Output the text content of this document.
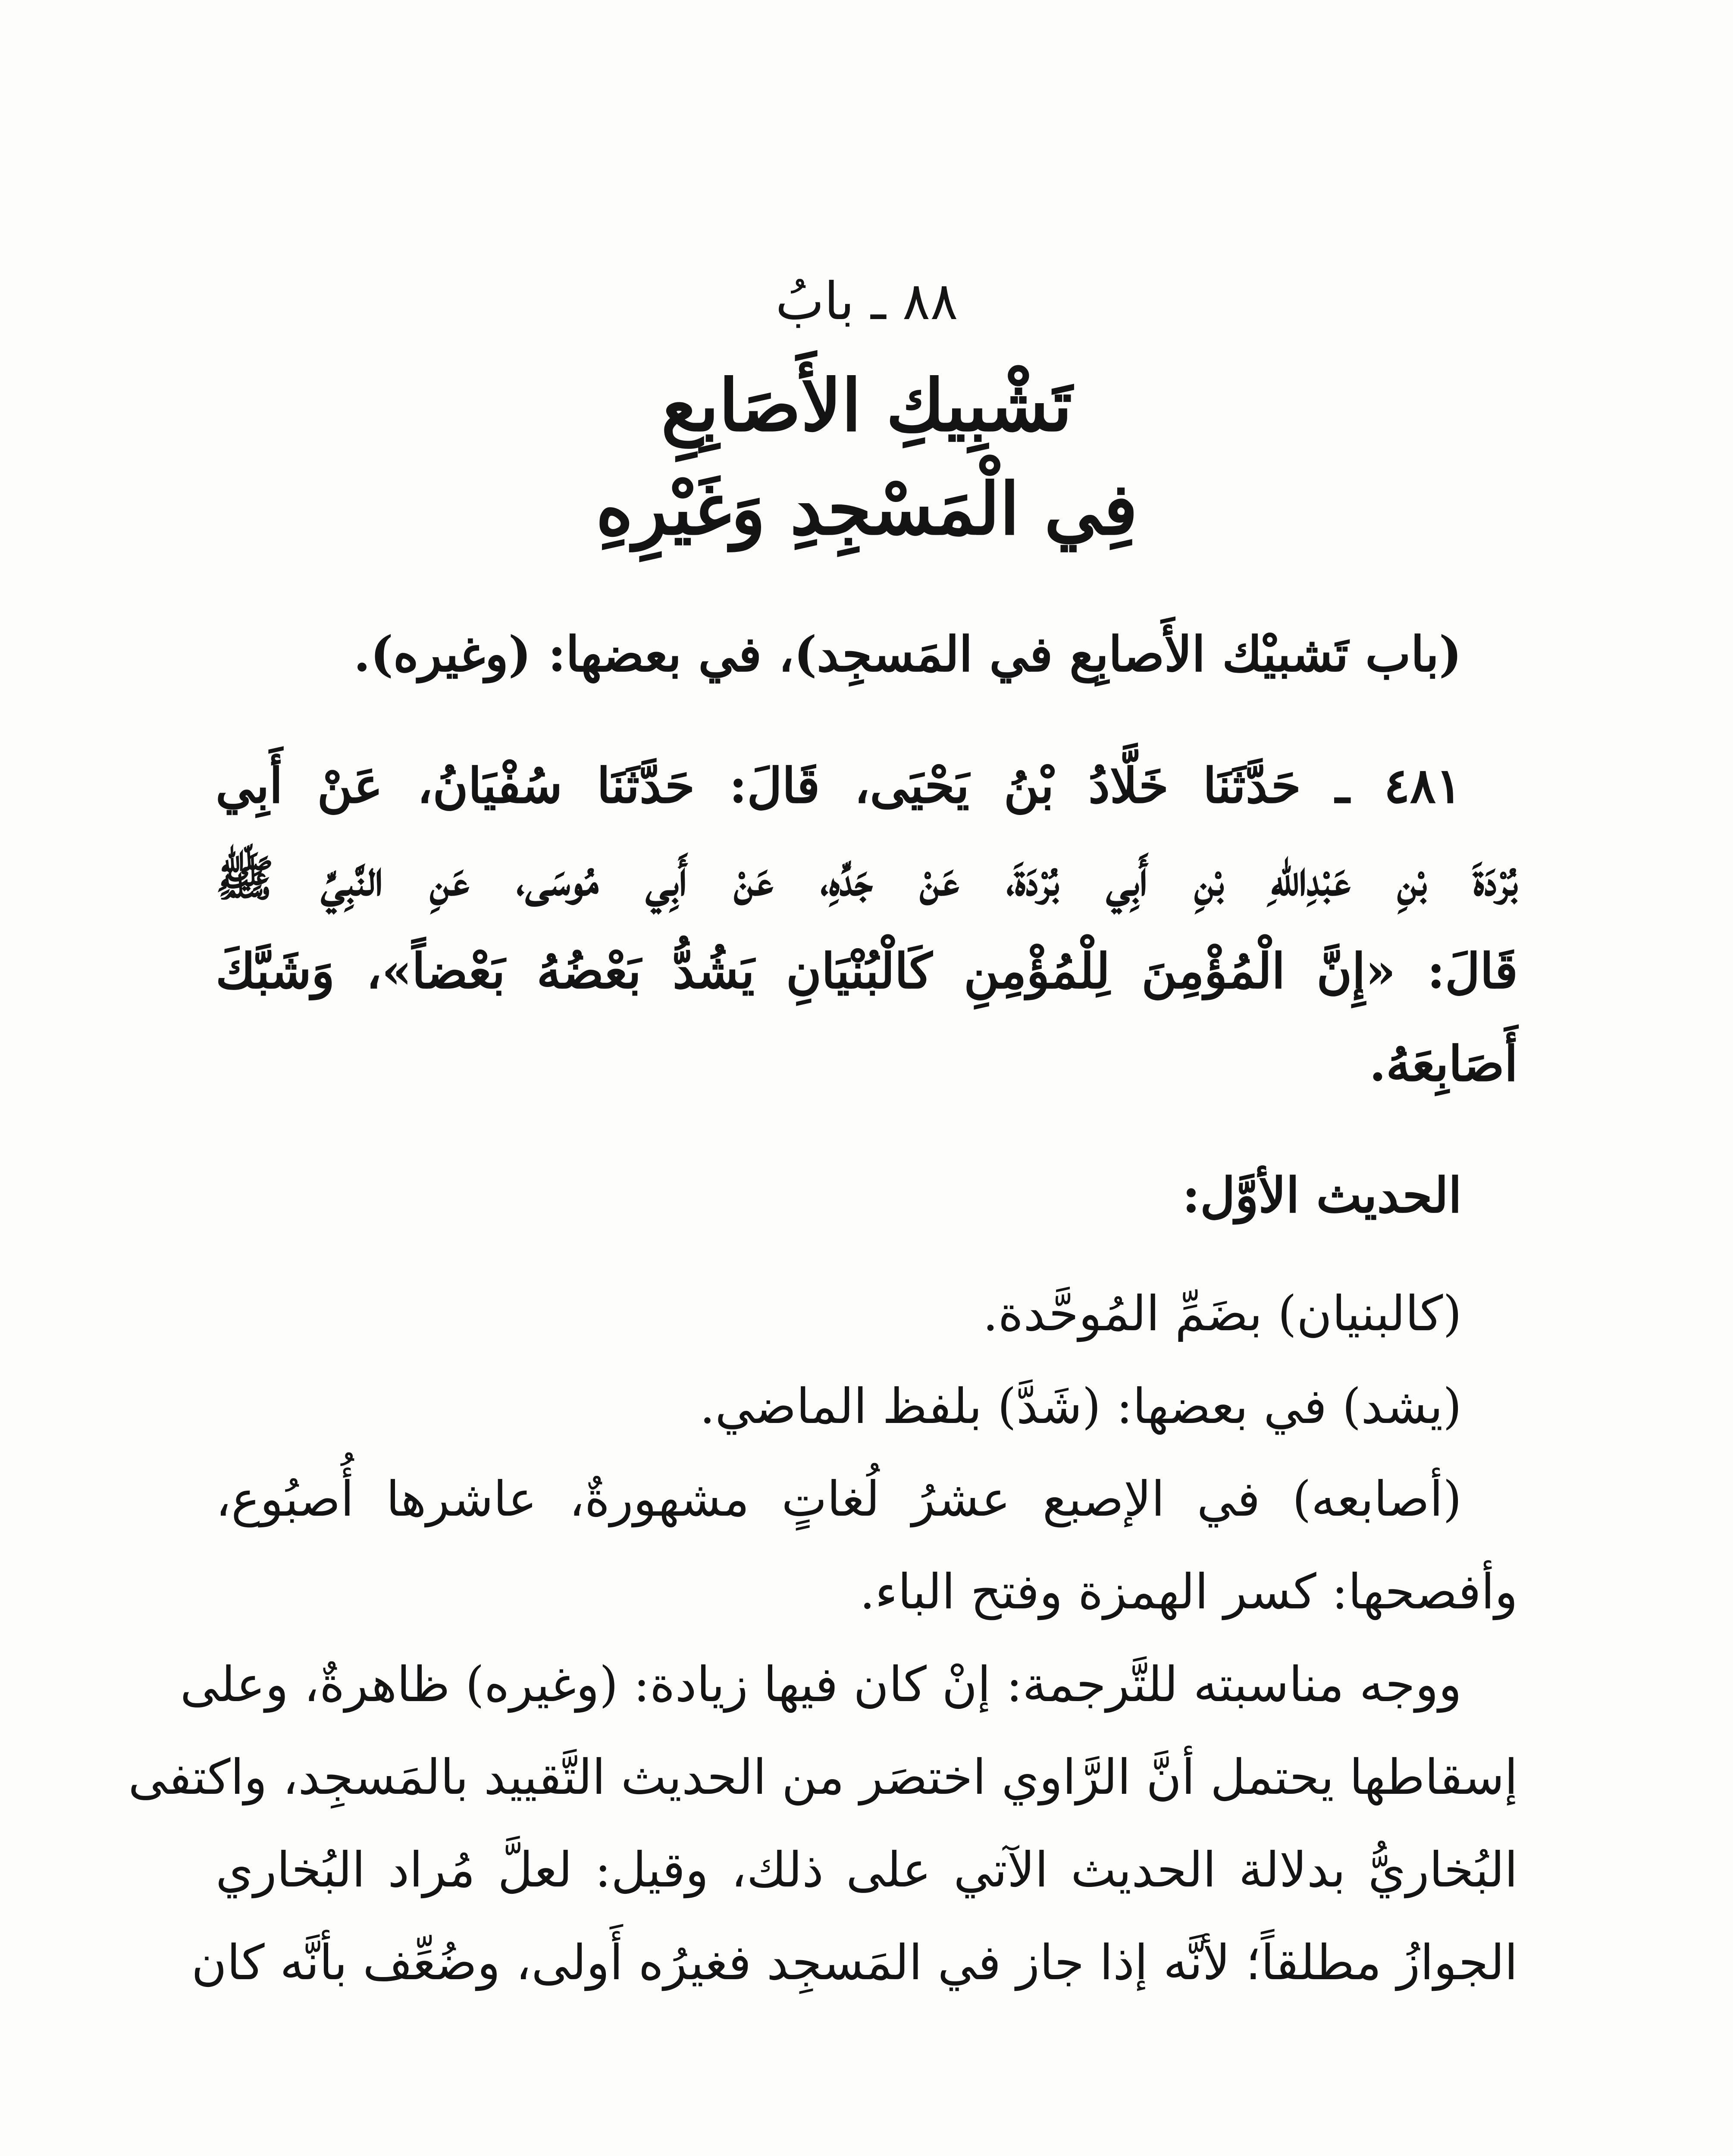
٨٨ ـ بابُ
تَشْبِيكِ الأَصَابِعِ
فِي الْمَسْجِدِ وَغَيْرِهِ

(باب تَشبيْك الأَصابِع في المَسجِد)، في بعضها: (وغيره).

٤٨١ ـ حَدَّثَنَا خَلَّادُ بْنُ يَحْيَى، قَالَ: حَدَّثَنَا سُفْيَانُ، عَنْ أَبِي

بُرْدَةَ بْنِ عَبْدِاللهِ بْنِ أَبِي بُرْدَةَ، عَنْ جَدِّهِ، عَنْ أَبِي مُوسَى، عَنِ النَّبِيِّ ﷺ

قَالَ: «إِنَّ الْمُؤْمِنَ لِلْمُؤْمِنِ كَالْبُنْيَانِ يَشُدُّ بَعْضُهُ بَعْضاً»، وَشَبَّكَ

أَصَابِعَهُ.

الحديث الأوَّل:

(كالبنيان) بضَمِّ المُوحَّدة.

(يشد) في بعضها: (شَدَّ) بلفظ الماضي.

(أصابعه) في الإصبع عشرُ لُغاتٍ مشهورةٌ، عاشرها أُصبُوع،

وأفصحها: كسر الهمزة وفتح الباء.

ووجه مناسبته للتَّرجمة: إنْ كان فيها زيادة: (وغيره) ظاهرةٌ، وعلى

إسقاطها يحتمل أنَّ الرَّاوي اختصَر من الحديث التَّقييد بالمَسجِد، واكتفى

البُخاريُّ بدلالة الحديث الآتي على ذلك، وقيل: لعلَّ مُراد البُخاري

الجوازُ مطلقاً؛ لأنَّه إذا جاز في المَسجِد فغيرُه أَولى، وضُعِّف بأنَّه كان
